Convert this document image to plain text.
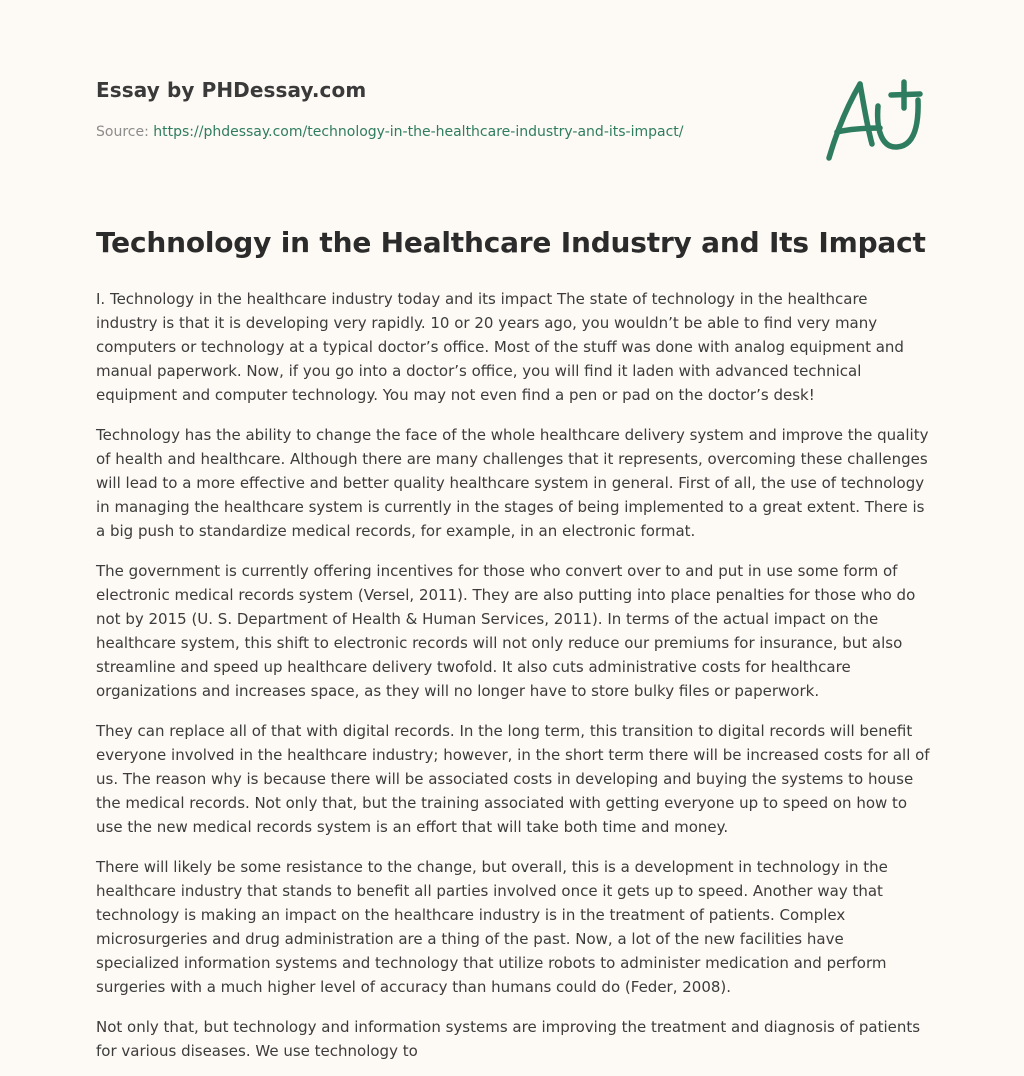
Essay by PHDessay.com

Source: https://phdessay.com/technology-in-the-healthcare-industry-and-its-impact/

Technology in the Healthcare Industry and Its Impact

I. Technology in the healthcare industry today and its impact The state of technology in the healthcare industry is that it is developing very rapidly. 10 or 20 years ago, you wouldn’t be able to find very many computers or technology at a typical doctor’s office. Most of the stuff was done with analog equipment and manual paperwork. Now, if you go into a doctor’s office, you will find it laden with advanced technical equipment and computer technology. You may not even find a pen or pad on the doctor’s desk!

Technology has the ability to change the face of the whole healthcare delivery system and improve the quality of health and healthcare. Although there are many challenges that it represents, overcoming these challenges will lead to a more effective and better quality healthcare system in general. First of all, the use of technology in managing the healthcare system is currently in the stages of being implemented to a great extent. There is a big push to standardize medical records, for example, in an electronic format.

The government is currently offering incentives for those who convert over to and put in use some form of electronic medical records system (Versel, 2011). They are also putting into place penalties for those who do not by 2015 (U. S. Department of Health & Human Services, 2011). In terms of the actual impact on the healthcare system, this shift to electronic records will not only reduce our premiums for insurance, but also streamline and speed up healthcare delivery twofold. It also cuts administrative costs for healthcare organizations and increases space, as they will no longer have to store bulky files or paperwork.

They can replace all of that with digital records. In the long term, this transition to digital records will benefit everyone involved in the healthcare industry; however, in the short term there will be increased costs for all of us. The reason why is because there will be associated costs in developing and buying the systems to house the medical records. Not only that, but the training associated with getting everyone up to speed on how to use the new medical records system is an effort that will take both time and money.

There will likely be some resistance to the change, but overall, this is a development in technology in the healthcare industry that stands to benefit all parties involved once it gets up to speed. Another way that technology is making an impact on the healthcare industry is in the treatment of patients. Complex microsurgeries and drug administration are a thing of the past. Now, a lot of the new facilities have specialized information systems and technology that utilize robots to administer medication and perform surgeries with a much higher level of accuracy than humans could do (Feder, 2008).

Not only that, but technology and information systems are improving the treatment and diagnosis of patients for various diseases. We use technology to
